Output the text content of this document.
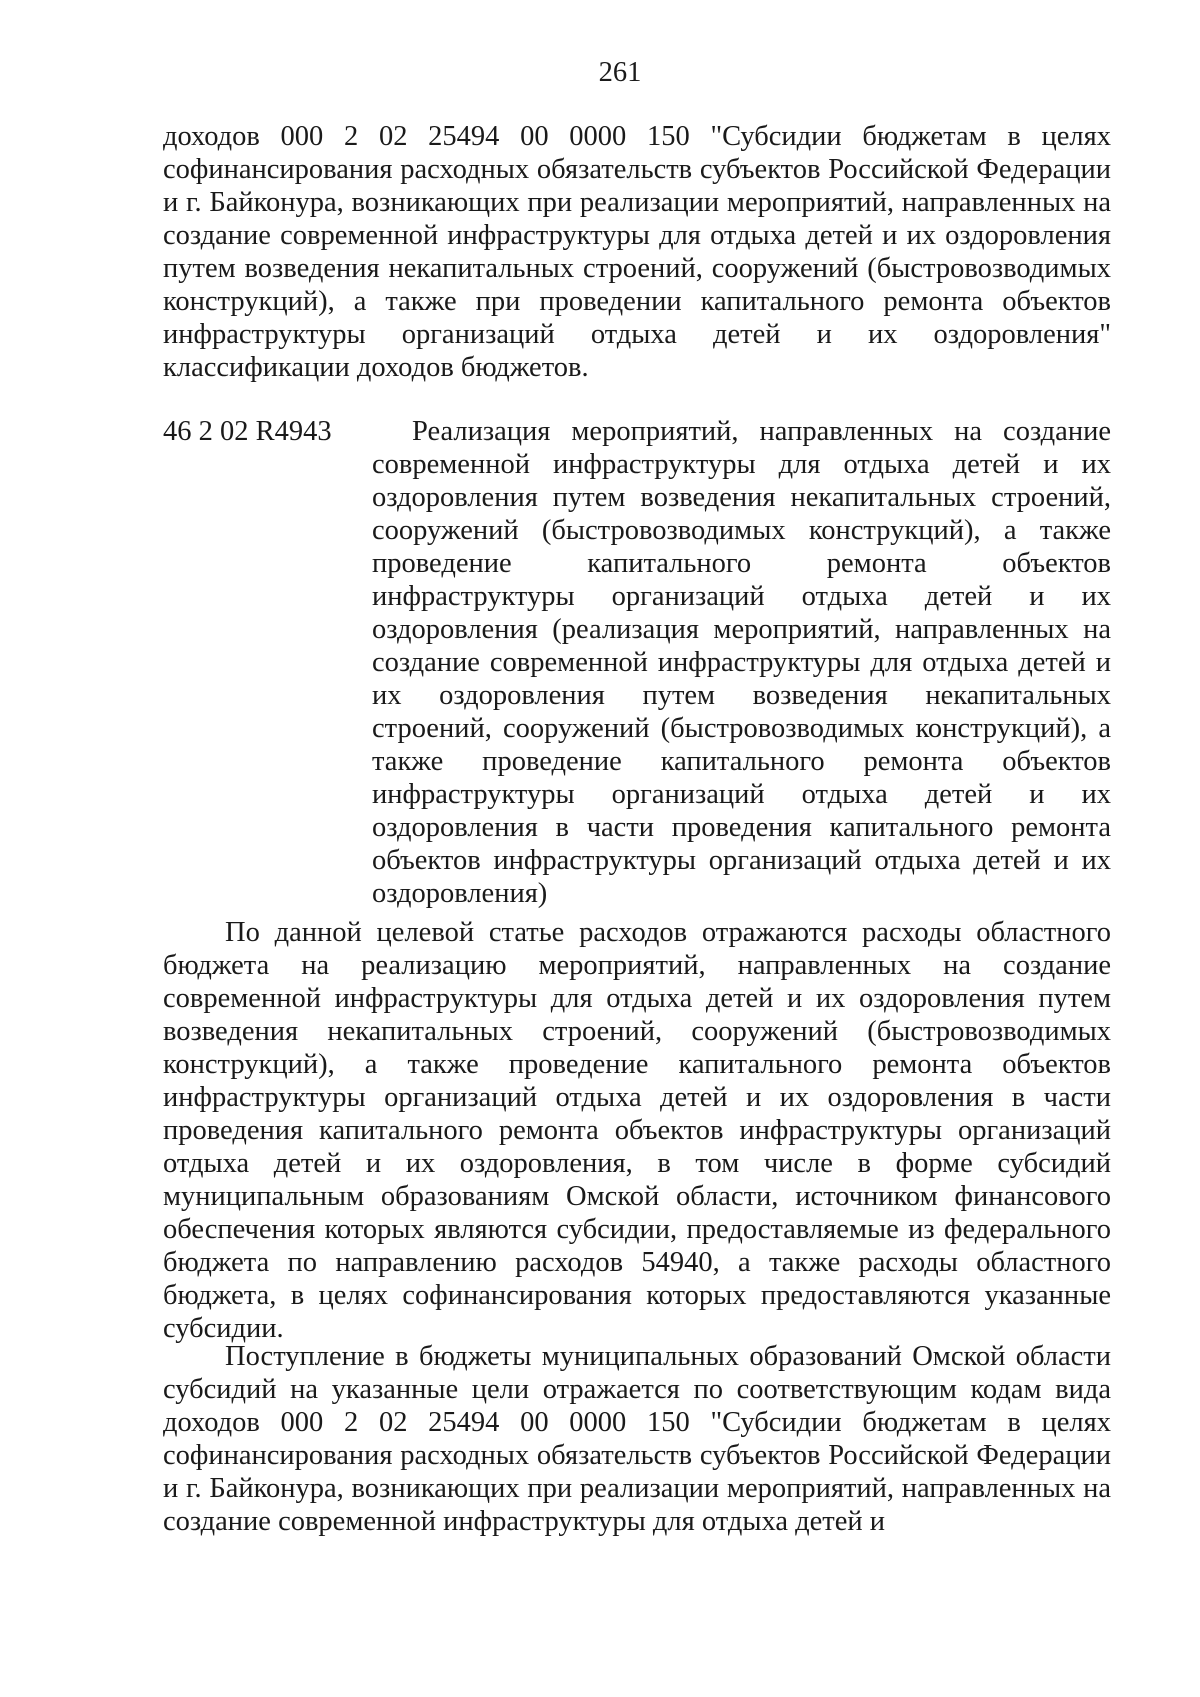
261
доходов 000 2 02 25494 00 0000 150 "Субсидии бюджетам в целях софинансирования расходных обязательств субъектов Российской Федерации и г. Байконура, возникающих при реализации мероприятий, направленных на создание современной инфраструктуры для отдыха детей и их оздоровления путем возведения некапитальных строений, сооружений (быстровозводимых конструкций), а также при проведении капитального ремонта объектов инфраструктуры организаций отдыха детей и их оздоровления" классификации доходов бюджетов.
46 2 02 R4943	Реализация мероприятий, направленных на создание современной инфраструктуры для отдыха детей и их оздоровления путем возведения некапитальных строений, сооружений (быстровозводимых конструкций), а также проведение капитального ремонта объектов инфраструктуры организаций отдыха детей и их оздоровления (реализация мероприятий, направленных на создание современной инфраструктуры для отдыха детей и их оздоровления путем возведения некапитальных строений, сооружений (быстровозводимых конструкций), а также проведение капитального ремонта объектов инфраструктуры организаций отдыха детей и их оздоровления в части проведения капитального ремонта объектов инфраструктуры организаций отдыха детей и их оздоровления)

По данной целевой статье расходов отражаются расходы областного бюджета на реализацию мероприятий, направленных на создание современной инфраструктуры для отдыха детей и их оздоровления путем возведения некапитальных строений, сооружений (быстровозводимых конструкций), а также проведение капитального ремонта объектов инфраструктуры организаций отдыха детей и их оздоровления в части проведения капитального ремонта объектов инфраструктуры организаций отдыха детей и их оздоровления, в том числе в форме субсидий муниципальным образованиям Омской области, источником финансового обеспечения которых являются субсидии, предоставляемые из федерального бюджета по направлению расходов 54940, а также расходы областного бюджета, в целях софинансирования которых предоставляются указанные субсидии.

Поступление в бюджеты муниципальных образований Омской области субсидий на указанные цели отражается по соответствующим кодам вида доходов 000 2 02 25494 00 0000 150 "Субсидии бюджетам в целях софинансирования расходных обязательств субъектов Российской Федерации и г. Байконура, возникающих при реализации мероприятий, направленных на создание современной инфраструктуры для отдыха детей и
